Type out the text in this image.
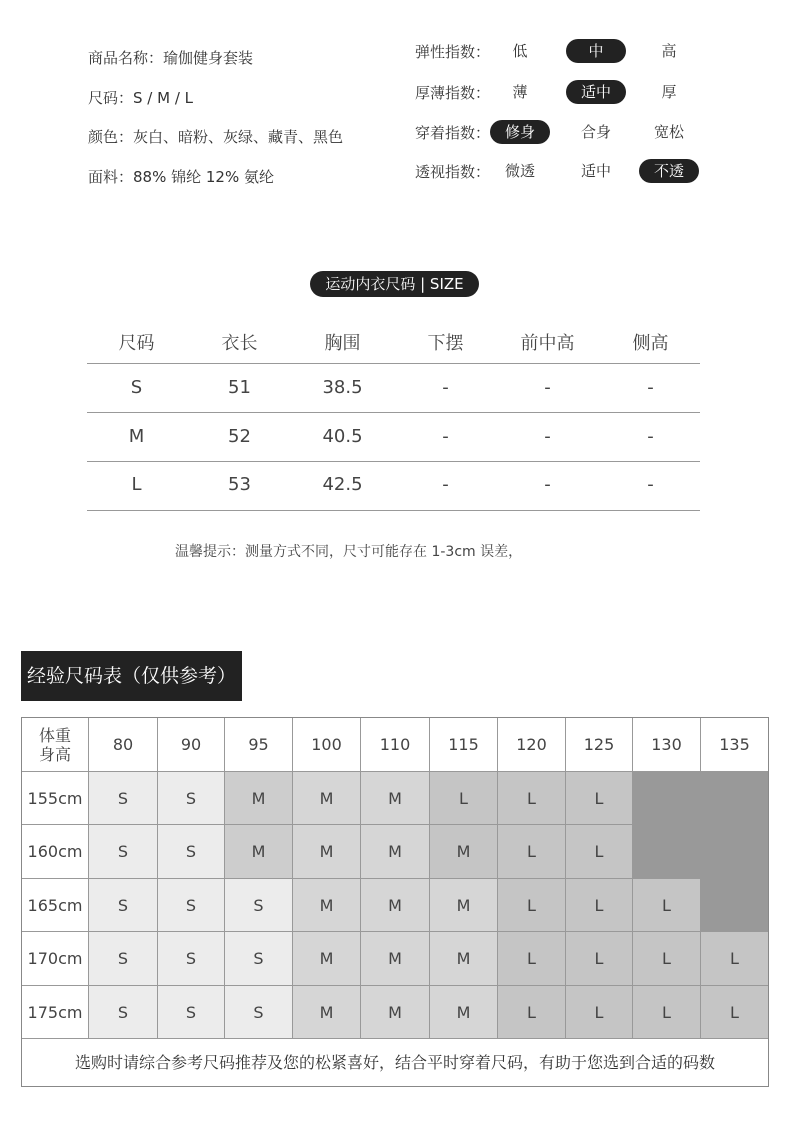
商品名称：瑜伽健身套装
尺码：S / M / L
颜色：灰白、暗粉、灰绿、藏青、黑色
面料：88% 锦纶 12% 氨纶
弹性指数：	低	中	高
厚薄指数：	薄	适中	厚
穿着指数： 修身	合身	宽松
透视指数： 微透	适中	不透
运动内衣尺码 | SIZE
尺码	衣长	胸围	下摆	前中高	侧高
S	51	38.5	-	-	-
M	52	40.5	-	-	-
L	53	42.5	-	-	-
温馨提示：测量方式不同，尺寸可能存在 1-3cm 误差，
经验尺码表（仅供参考）
选购时请综合参考尺码推荐及您的松紧喜好，结合平时穿着尺码，有助于您选到合适的码数
体重
身高	80	90	95	100	110	115	120	125	130	135
155cm	S	S	M	M	M	L	L	L
160cm	S	S	M	M	M	M	L	L
165cm	S	S	S	M	M	M	L	L	L
170cm	S	S	S	M	M	M	L	L	L	L
175cm	S	S	S	M	M	M	L	L	L	L
